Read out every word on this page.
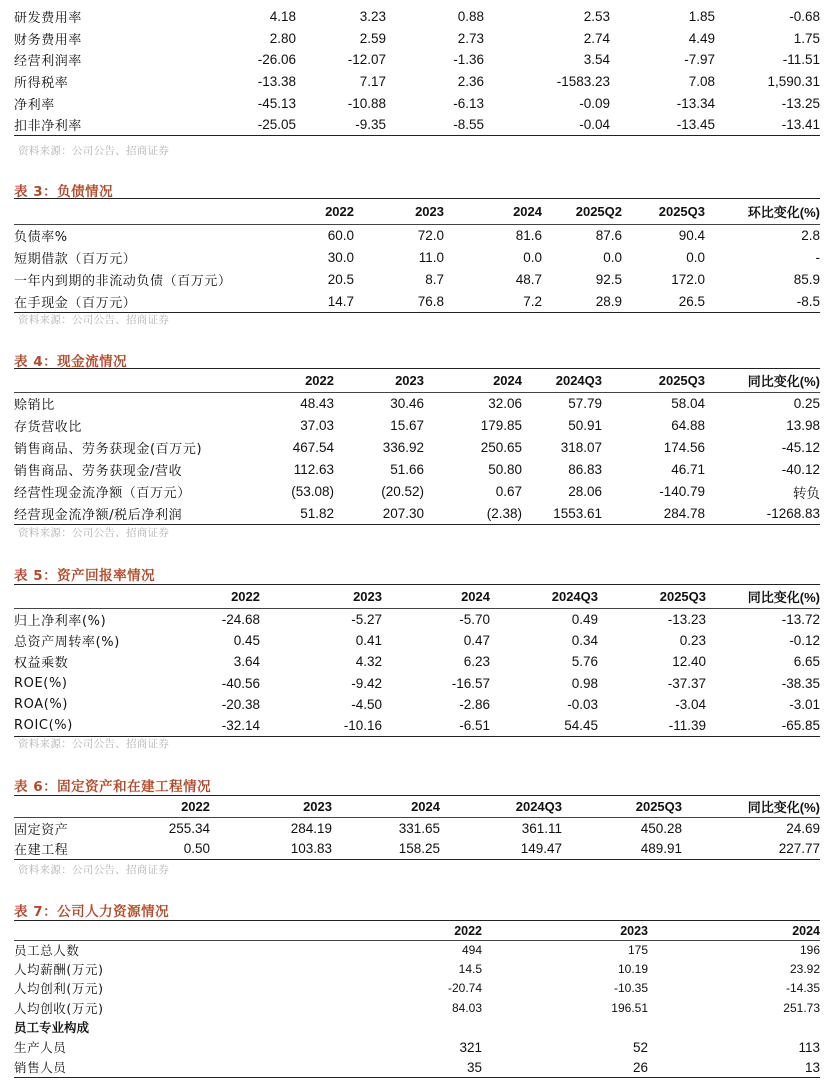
研发费用率	4.18	3.23	0.88	2.53	1.85	-0.68
财务费用率	2.80	2.59	2.73	2.74	4.49	1.75
经营利润率	-26.06	-12.07	-1.36	3.54	-7.97	-11.51
所得税率	-13.38	7.17	2.36	-1583.23	7.08	1,590.31
净利率	-45.13	-10.88	-6.13	-0.09	-13.34	-13.25
扣非净利率	-25.05	-9.35	-8.55	-0.04	-13.45	-13.41
资料来源：公司公告、招商证券
表 3：负债情况
	2022	2023	2024	2025Q2	2025Q3	环比变化(%)
负债率%	60.0	72.0	81.6	87.6	90.4	2.8
短期借款（百万元）	30.0	11.0	0.0	0.0	0.0	-
一年内到期的非流动负债（百万元）	20.5	8.7	48.7	92.5	172.0	85.9
在手现金（百万元）	14.7	76.8	7.2	28.9	26.5	-8.5
资料来源：公司公告、招商证券
表 4：现金流情况
	2022	2023	2024	2024Q3	2025Q3	同比变化(%)
赊销比	48.43	30.46	32.06	57.79	58.04	0.25
存货营收比	37.03	15.67	179.85	50.91	64.88	13.98
销售商品、劳务获现金(百万元)	467.54	336.92	250.65	318.07	174.56	-45.12
销售商品、劳务获现金/营收	112.63	51.66	50.80	86.83	46.71	-40.12
经营性现金流净额（百万元）	(53.08)	(20.52)	0.67	28.06	-140.79	转负
经营现金流净额/税后净利润	51.82	207.30	(2.38)	1553.61	284.78	-1268.83
资料来源：公司公告、招商证券
表 5：资产回报率情况
	2022	2023	2024	2024Q3	2025Q3	同比变化(%)
归上净利率(%)	-24.68	-5.27	-5.70	0.49	-13.23	-13.72
总资产周转率(%)	0.45	0.41	0.47	0.34	0.23	-0.12
权益乘数	3.64	4.32	6.23	5.76	12.40	6.65
ROE(%)	-40.56	-9.42	-16.57	0.98	-37.37	-38.35
ROA(%)	-20.38	-4.50	-2.86	-0.03	-3.04	-3.01
ROIC(%)	-32.14	-10.16	-6.51	54.45	-11.39	-65.85
资料来源：公司公告、招商证券
表 6：固定资产和在建工程情况
	2022	2023	2024	2024Q3	2025Q3	同比变化(%)
固定资产	255.34	284.19	331.65	361.11	450.28	24.69
在建工程	0.50	103.83	158.25	149.47	489.91	227.77
资料来源：公司公告、招商证券
表 7：公司人力资源情况
	2022	2023	2024
员工总人数	494	175	196
人均薪酬(万元)	14.5	10.19	23.92
人均创利(万元)	-20.74	-10.35	-14.35
人均创收(万元)	84.03	196.51	251.73
员工专业构成			
生产人员	321	52	113
销售人员	35	26	13
